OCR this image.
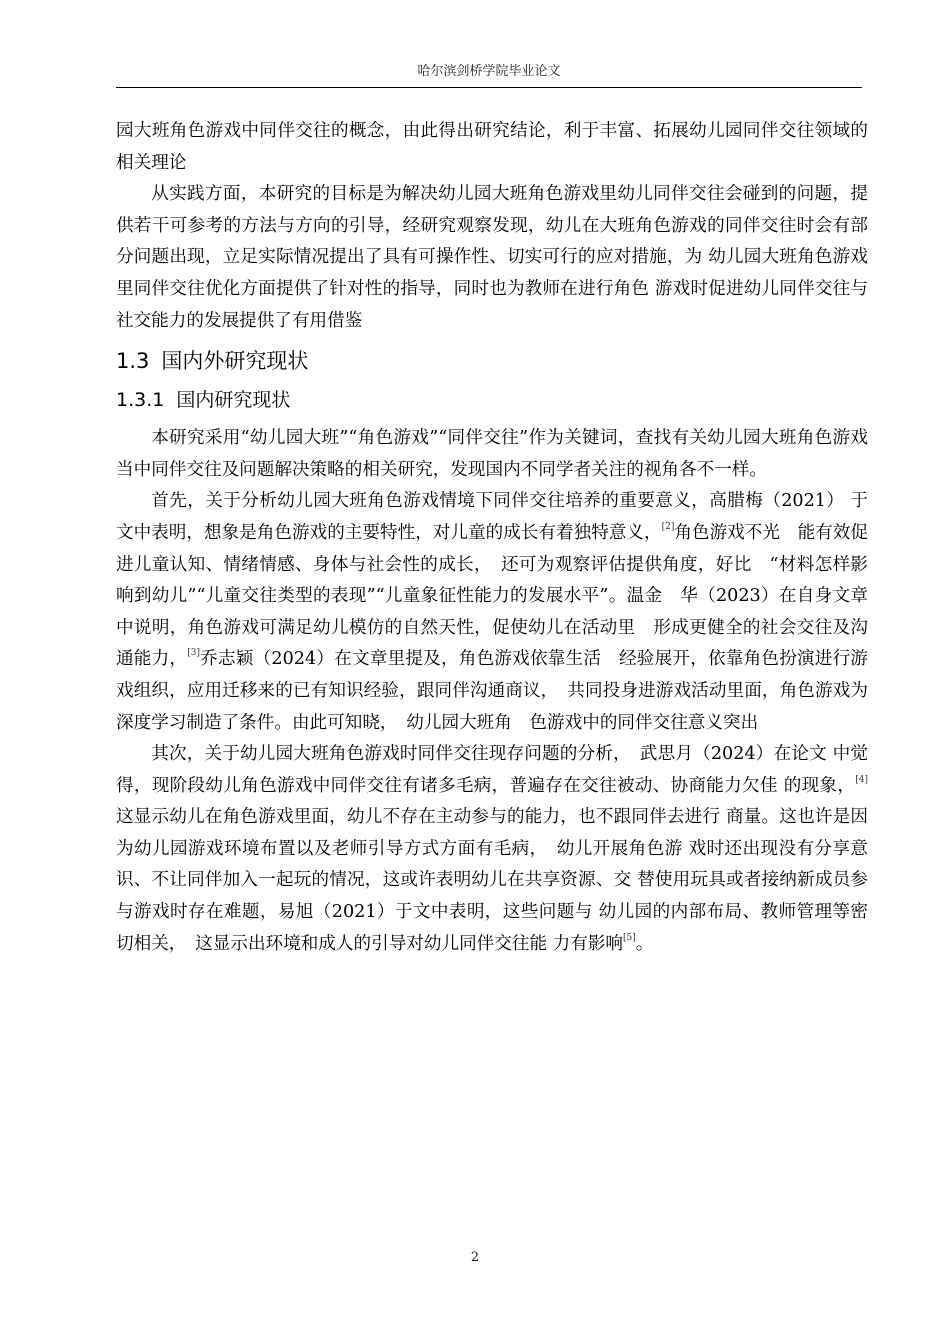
哈尔滨剑桥学院毕业论文

园大班角色游戏中同伴交往的概念，由此得出研究结论，利于丰富、拓展幼儿园同伴交往领域的相关理论

从实践方面，本研究的目标是为解决幼儿园大班角色游戏里幼儿同伴交往会碰到的问题，提供若干可参考的方法与方向的引导，经研究观察发现，幼儿在大班角色游戏的同伴交往时会有部分问题出现，立足实际情况提出了具有可操作性、切实可行的应对措施，为 幼儿园大班角色游戏里同伴交往优化方面提供了针对性的指导，同时也为教师在进行角色 游戏时促进幼儿同伴交往与社交能力的发展提供了有用借鉴

1.3 国内外研究现状
1.3.1 国内研究现状

本研究采用“幼儿园大班”“角色游戏”“同伴交往”作为关键词，查找有关幼儿园大班角色游戏当中同伴交往及问题解决策略的相关研究，发现国内不同学者关注的视角各不一样。

首先，关于分析幼儿园大班角色游戏情境下同伴交往培养的重要意义，高腊梅（2021） 于文中表明，想象是角色游戏的主要特性，对儿童的成长有着独特意义，[2]角色游戏不光　能有效促进儿童认知、情绪情感、身体与社会性的成长，　还可为观察评估提供角度，好比　“材料怎样影响到幼儿”“儿童交往类型的表现”“儿童象征性能力的发展水平”。温金　华（2023）在自身文章中说明，角色游戏可满足幼儿模仿的自然天性，促使幼儿在活动里　形成更健全的社会交往及沟通能力，[3]乔志颖（2024）在文章里提及，角色游戏依靠生活　经验展开，依靠角色扮演进行游戏组织，应用迁移来的已有知识经验，跟同伴沟通商议，　共同投身进游戏活动里面，角色游戏为深度学习制造了条件。由此可知晓，　幼儿园大班角　色游戏中的同伴交往意义突出

其次，关于幼儿园大班角色游戏时同伴交往现存问题的分析，　武思月（2024）在论文 中觉得，现阶段幼儿角色游戏中同伴交往有诸多毛病，普遍存在交往被动、协商能力欠佳 的现象，[4]这显示幼儿在角色游戏里面，幼儿不存在主动参与的能力，也不跟同伴去进行 商量。这也许是因为幼儿园游戏环境布置以及老师引导方式方面有毛病，　幼儿开展角色游 戏时还出现没有分享意识、不让同伴加入一起玩的情况，这或许表明幼儿在共享资源、交 替使用玩具或者接纳新成员参与游戏时存在难题，易旭（2021）于文中表明，这些问题与 幼儿园的内部布局、教师管理等密切相关，　这显示出环境和成人的引导对幼儿同伴交往能 力有影响[5]。

2
